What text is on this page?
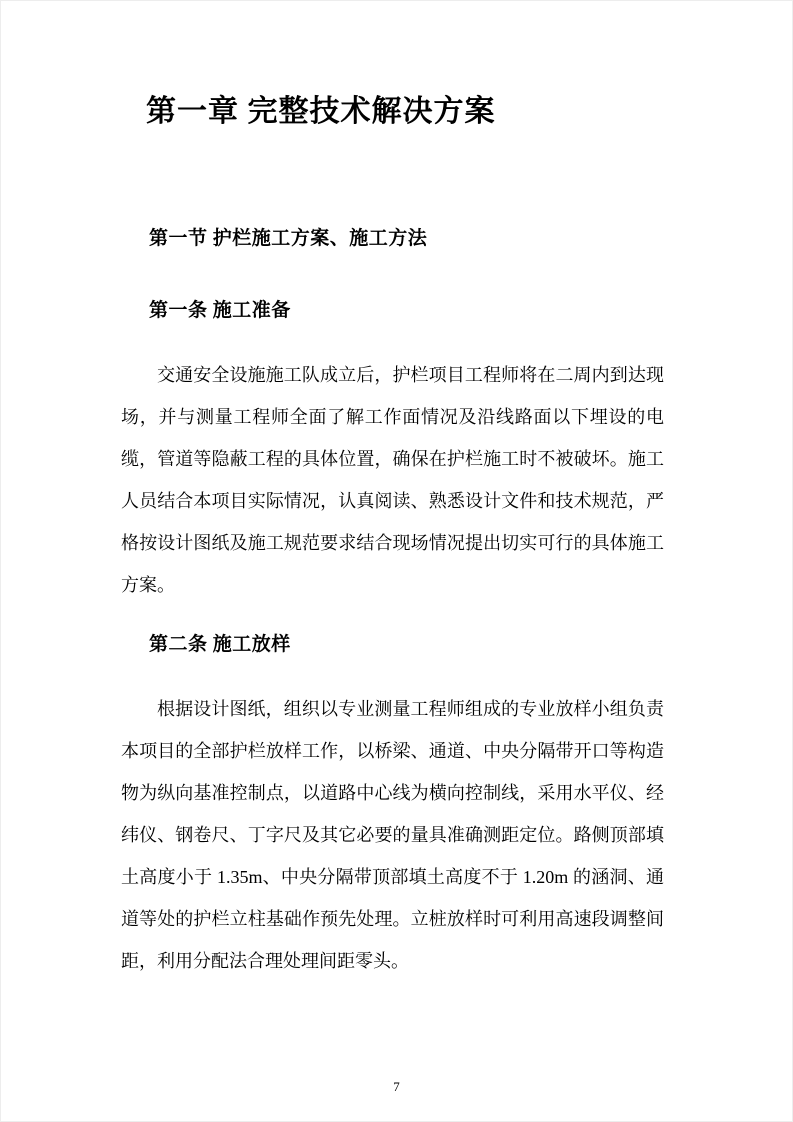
第一章 完整技术解决方案
第一节 护栏施工方案、施工方法
第一条 施工准备

交通安全设施施工队成立后，护栏项目工程师将在二周内到达现场，并与测量工程师全面了解工作面情况及沿线路面以下埋设的电缆，管道等隐蔽工程的具体位置，确保在护栏施工时不被破坏。施工人员结合本项目实际情况，认真阅读、熟悉设计文件和技术规范，严格按设计图纸及施工规范要求结合现场情况提出切实可行的具体施工方案。

第二条 施工放样

根据设计图纸，组织以专业测量工程师组成的专业放样小组负责本项目的全部护栏放样工作，以桥梁、通道、中央分隔带开口等构造物为纵向基准控制点，以道路中心线为横向控制线，采用水平仪、经纬仪、钢卷尺、丁字尺及其它必要的量具准确测距定位。路侧顶部填土高度小于 1.35m、中央分隔带顶部填土高度不于 1.20m 的涵洞、通道等处的护栏立柱基础作预先处理。立桩放样时可利用高速段调整间距，利用分配法合理处理间距零头。

7
